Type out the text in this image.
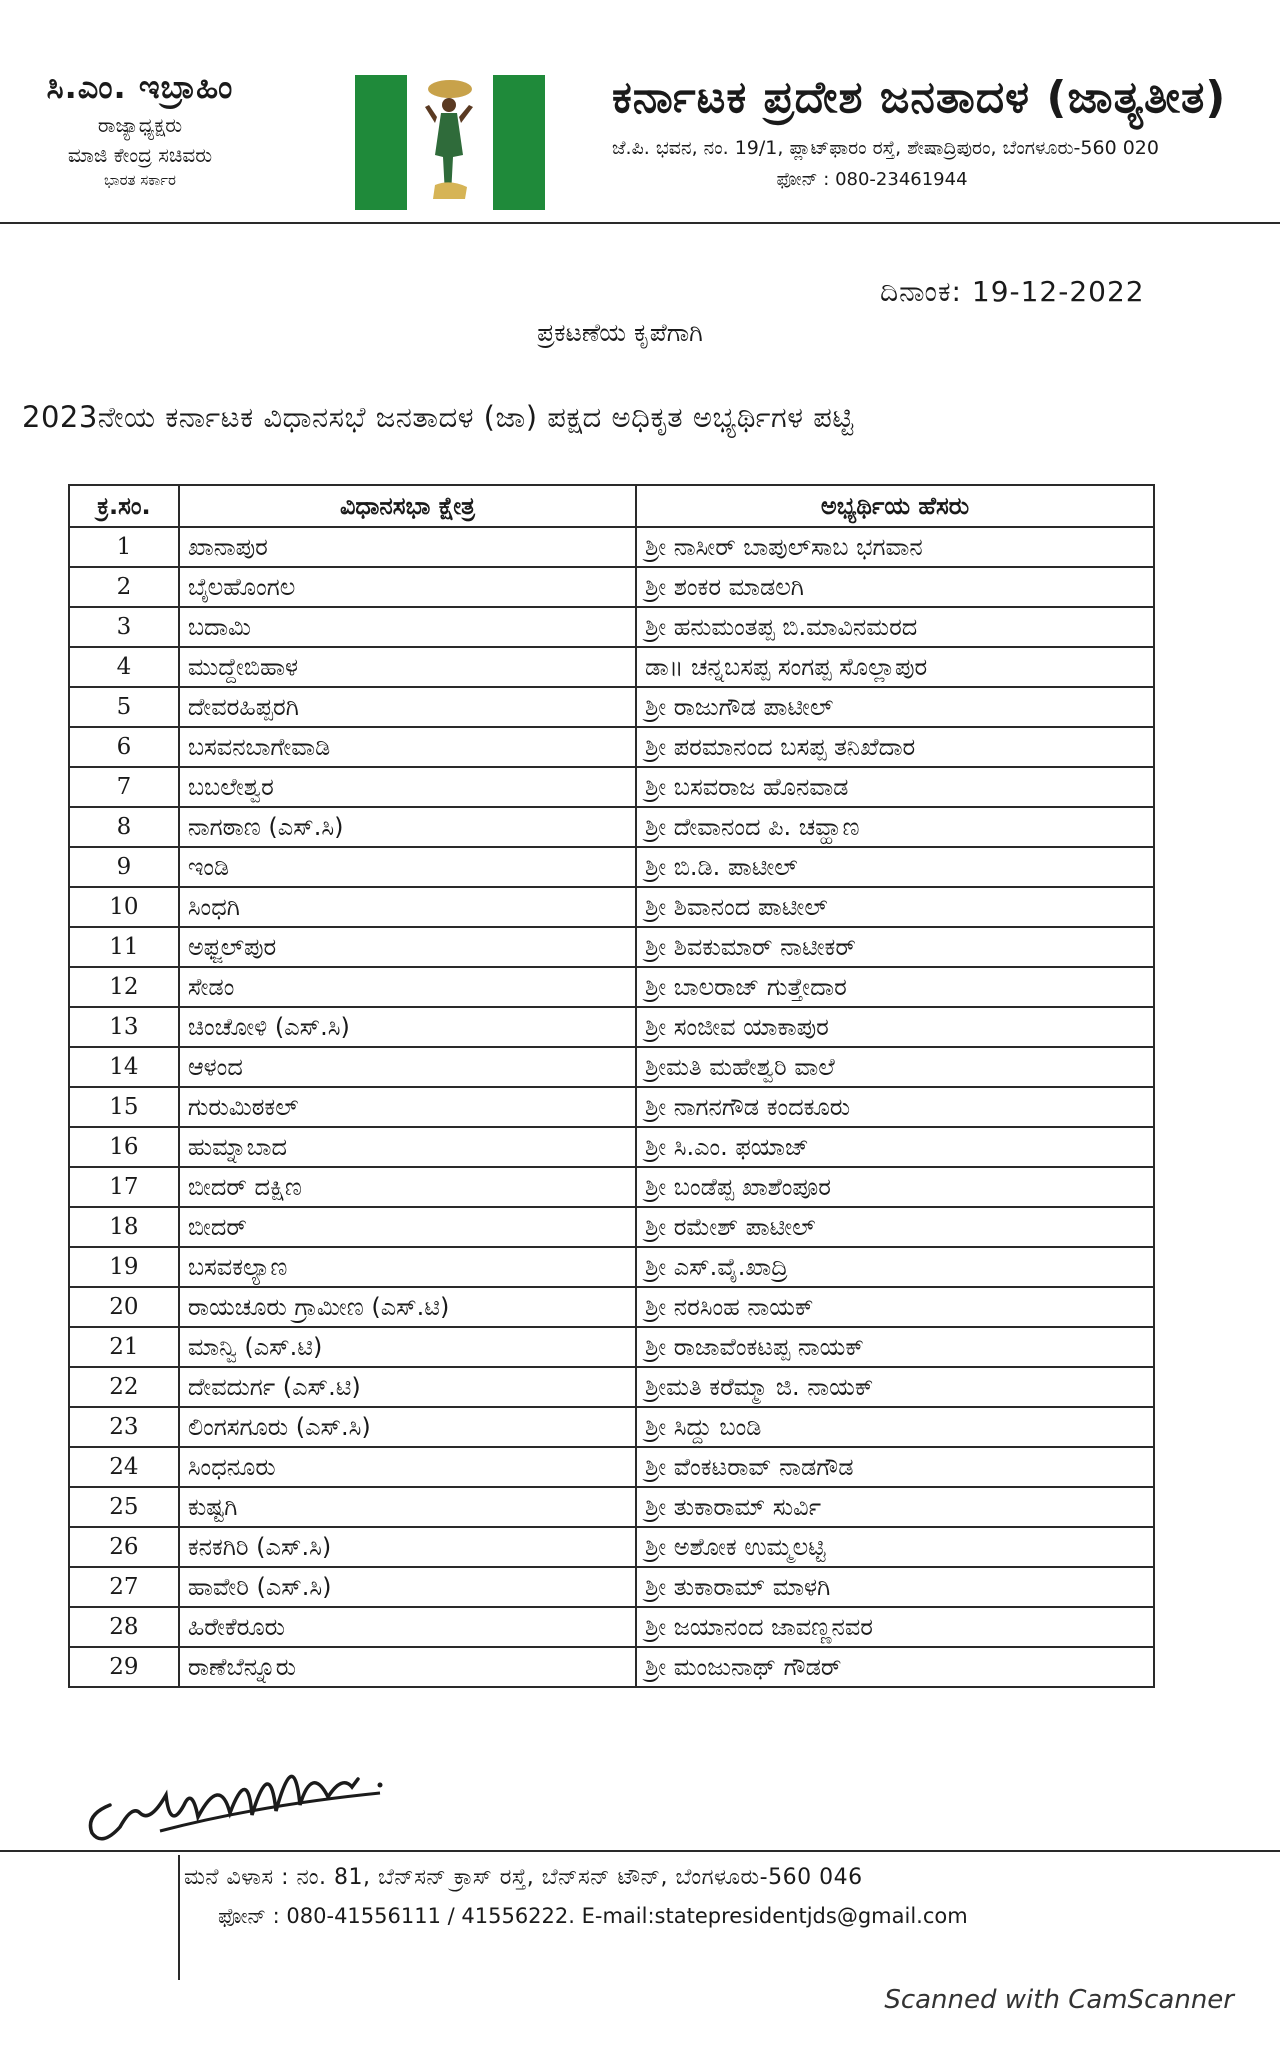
ಸಿ.ಎಂ. ಇಬ್ರಾಹಿಂ
ರಾಜ್ಯಾಧ್ಯಕ್ಷರು
ಮಾಜಿ ಕೇಂದ್ರ ಸಚಿವರು
ಭಾರತ ಸರ್ಕಾರ
ಕರ್ನಾಟಕ ಪ್ರದೇಶ ಜನತಾದಳ (ಜಾತ್ಯತೀತ)
ಜೆ.ಪಿ. ಭವನ, ನಂ. 19/1, ಪ್ಲಾಟ್‌ಫಾರಂ ರಸ್ತೆ, ಶೇಷಾದ್ರಿಪುರಂ, ಬೆಂಗಳೂರು-560 020
ಫೋನ್ : 080-23461944
ದಿನಾಂಕ: 19-12-2022
ಪ್ರಕಟಣೆಯ ಕೃಪೆಗಾಗಿ
2023ನೇಯ ಕರ್ನಾಟಕ ವಿಧಾನಸಭೆ ಜನತಾದಳ (ಜಾ) ಪಕ್ಷದ ಅಧಿಕೃತ ಅಭ್ಯರ್ಥಿಗಳ ಪಟ್ಟಿ
ಕ್ರ.ಸಂ.	ವಿಧಾನಸಭಾ ಕ್ಷೇತ್ರ	ಅಭ್ಯರ್ಥಿಯ ಹೆಸರು
1	ಖಾನಾಪುರ	ಶ್ರೀ ನಾಸೀರ್ ಬಾಪುಲ್‌ಸಾಬ ಭಗವಾನ
2	ಬೈಲಹೊಂಗಲ	ಶ್ರೀ ಶಂಕರ ಮಾಡಲಗಿ
3	ಬದಾಮಿ	ಶ್ರೀ ಹನುಮಂತಪ್ಪ ಬಿ.ಮಾವಿನಮರದ
4	ಮುದ್ದೇಬಿಹಾಳ	ಡಾ॥ ಚನ್ನಬಸಪ್ಪ ಸಂಗಪ್ಪ ಸೊಲ್ಲಾಪುರ
5	ದೇವರಹಿಪ್ಪರಗಿ	ಶ್ರೀ ರಾಜುಗೌಡ ಪಾಟೀಲ್
6	ಬಸವನಬಾಗೇವಾಡಿ	ಶ್ರೀ ಪರಮಾನಂದ ಬಸಪ್ಪ ತನಿಖೆದಾರ
7	ಬಬಲೇಶ್ವರ	ಶ್ರೀ ಬಸವರಾಜ ಹೊನವಾಡ
8	ನಾಗಠಾಣ (ಎಸ್.ಸಿ)	ಶ್ರೀ ದೇವಾನಂದ ಪಿ. ಚವ್ಹಾಣ
9	ಇಂಡಿ	ಶ್ರೀ ಬಿ.ಡಿ. ಪಾಟೀಲ್
10	ಸಿಂಧಗಿ	ಶ್ರೀ ಶಿವಾನಂದ ಪಾಟೀಲ್
11	ಅಫ್ಜಲ್‌ಪುರ	ಶ್ರೀ ಶಿವಕುಮಾರ್ ನಾಟೀಕರ್
12	ಸೇಡಂ	ಶ್ರೀ ಬಾಲರಾಜ್ ಗುತ್ತೇದಾರ
13	ಚಿಂಚೋಳಿ (ಎಸ್.ಸಿ)	ಶ್ರೀ ಸಂಜೀವ ಯಾಕಾಪುರ
14	ಆಳಂದ	ಶ್ರೀಮತಿ ಮಹೇಶ್ವರಿ ವಾಲೆ
15	ಗುರುಮಿಠಕಲ್	ಶ್ರೀ ನಾಗನಗೌಡ ಕಂದಕೂರು
16	ಹುಮ್ನಾಬಾದ	ಶ್ರೀ ಸಿ.ಎಂ. ಫಯಾಜ್
17	ಬೀದರ್ ದಕ್ಷಿಣ	ಶ್ರೀ ಬಂಡೆಪ್ಪ ಖಾಶೆಂಪೂರ
18	ಬೀದರ್	ಶ್ರೀ ರಮೇಶ್ ಪಾಟೀಲ್
19	ಬಸವಕಲ್ಯಾಣ	ಶ್ರೀ ಎಸ್.ವೈ.ಖಾದ್ರಿ
20	ರಾಯಚೂರು ಗ್ರಾಮೀಣ (ಎಸ್.ಟಿ)	ಶ್ರೀ ನರಸಿಂಹ ನಾಯಕ್
21	ಮಾನ್ವಿ (ಎಸ್.ಟಿ)	ಶ್ರೀ ರಾಜಾವೆಂಕಟಪ್ಪ ನಾಯಕ್
22	ದೇವದುರ್ಗ (ಎಸ್.ಟಿ)	ಶ್ರೀಮತಿ ಕರೆಮ್ಮಾ ಜಿ. ನಾಯಕ್
23	ಲಿಂಗಸಗೂರು (ಎಸ್.ಸಿ)	ಶ್ರೀ ಸಿದ್ದು ಬಂಡಿ
24	ಸಿಂಧನೂರು	ಶ್ರೀ ವೆಂಕಟರಾವ್ ನಾಡಗೌಡ
25	ಕುಷ್ಟಗಿ	ಶ್ರೀ ತುಕಾರಾಮ್ ಸುರ್ವಿ
26	ಕನಕಗಿರಿ (ಎಸ್.ಸಿ)	ಶ್ರೀ ಅಶೋಕ ಉಮ್ಮಲಟ್ಟಿ
27	ಹಾವೇರಿ (ಎಸ್.ಸಿ)	ಶ್ರೀ ತುಕಾರಾಮ್ ಮಾಳಗಿ
28	ಹಿರೇಕೆರೂರು	ಶ್ರೀ ಜಯಾನಂದ ಜಾವಣ್ಣನವರ
29	ರಾಣೆಬೆನ್ನೂರು	ಶ್ರೀ ಮಂಜುನಾಥ್ ಗೌಡರ್
ಮನೆ ವಿಳಾಸ : ನಂ. 81, ಬೆನ್‌ಸನ್ ಕ್ರಾಸ್ ರಸ್ತೆ, ಬೆನ್‌ಸನ್ ಟೌನ್, ಬೆಂಗಳೂರು-560 046
ಫೋನ್ : 080-41556111 / 41556222. E-mail:statepresidentjds@gmail.com
Scanned with CamScanner
